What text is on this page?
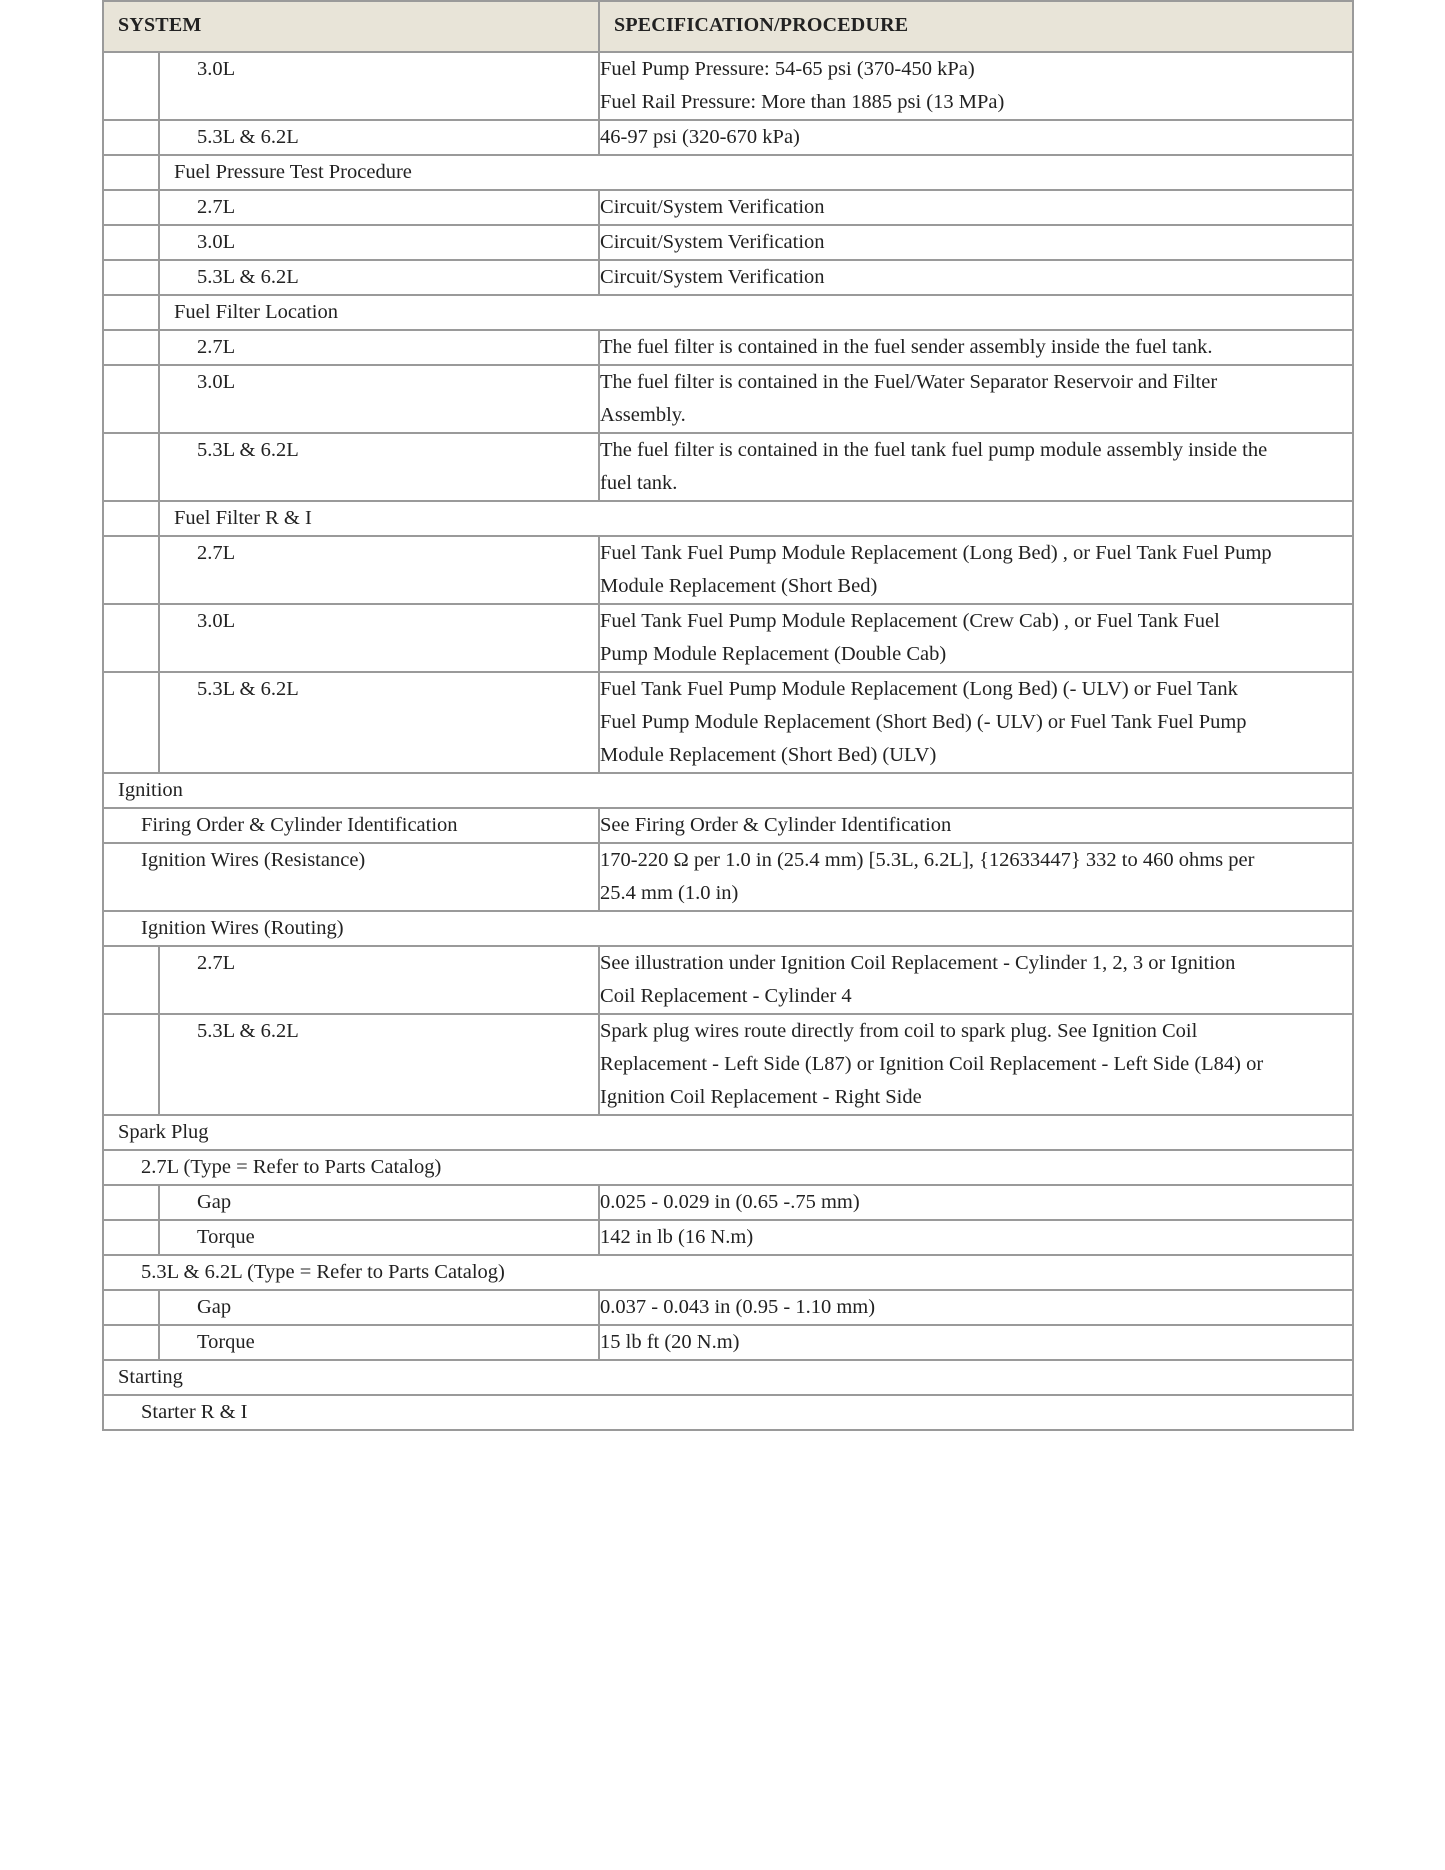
SYSTEM		SPECIFICATION/PROCEDURE
	3.0L	Fuel Pump Pressure: 54-65 psi (370-450 kPa)
Fuel Rail Pressure: More than 1885 psi (13 MPa)

	5.3L & 6.2L	46-97 psi (320-670 kPa)

	Fuel Pressure Test Procedure	
	2.7L	Circuit/System Verification

	3.0L	Circuit/System Verification

	5.3L & 6.2L	Circuit/System Verification

	Fuel Filter Location	
	2.7L	The fuel filter is contained in the fuel sender assembly inside the fuel tank.

	3.0L	The fuel filter is contained in the Fuel/Water Separator Reservoir and Filter
Assembly.

	5.3L & 6.2L	The fuel filter is contained in the fuel tank fuel pump module assembly inside the
fuel tank.

	Fuel Filter R & I	
	2.7L	Fuel Tank Fuel Pump Module Replacement (Long Bed) , or Fuel Tank Fuel Pump
Module Replacement (Short Bed)

	3.0L	Fuel Tank Fuel Pump Module Replacement (Crew Cab) , or Fuel Tank Fuel
Pump Module Replacement (Double Cab)

	5.3L & 6.2L	Fuel Tank Fuel Pump Module Replacement (Long Bed) (- ULV) or Fuel Tank
Fuel Pump Module Replacement (Short Bed) (- ULV) or Fuel Tank Fuel Pump
Module Replacement (Short Bed) (ULV)

Ignition		
Firing Order & Cylinder Identification		See Firing Order & Cylinder Identification

Ignition Wires (Resistance)		170-220 Ω per 1.0 in (25.4 mm) [5.3L, 6.2L], {12633447} 332 to 460 ohms per
25.4 mm (1.0 in)

Ignition Wires (Routing)		
	2.7L	See illustration under Ignition Coil Replacement - Cylinder 1, 2, 3 or Ignition
Coil Replacement - Cylinder 4

	5.3L & 6.2L	Spark plug wires route directly from coil to spark plug. See Ignition Coil
Replacement - Left Side (L87) or Ignition Coil Replacement - Left Side (L84) or
Ignition Coil Replacement - Right Side

Spark Plug		
2.7L (Type = Refer to Parts Catalog)		
	Gap	0.025 - 0.029 in (0.65 -.75 mm)

	Torque	142 in lb (16 N.m)

5.3L & 6.2L (Type = Refer to Parts Catalog)		
	Gap	0.037 - 0.043 in (0.95 - 1.10 mm)

	Torque	15 lb ft (20 N.m)

Starting		
Starter R & I		
